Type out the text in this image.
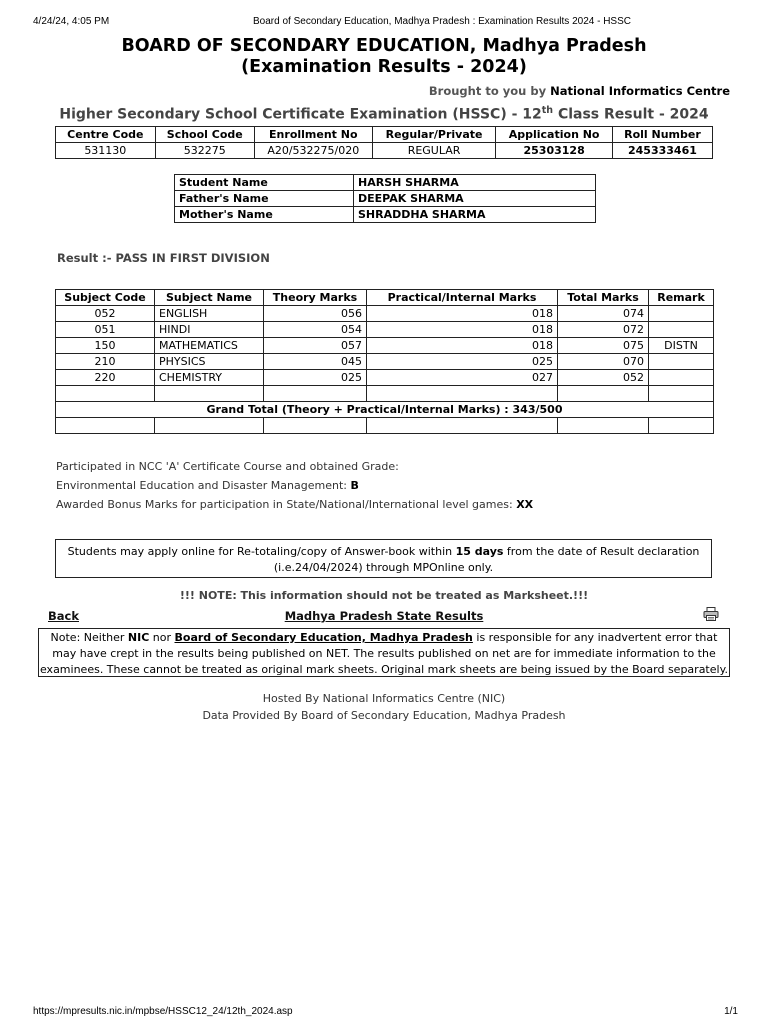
4/24/24, 4:05 PM	Board of Secondary Education, Madhya Pradesh : Examination Results 2024 - HSSC
BOARD OF SECONDARY EDUCATION, Madhya Pradesh
(Examination Results - 2024)
Brought to you by National Informatics Centre
Higher Secondary School Certificate Examination (HSSC) - 12th Class Result - 2024
Centre Code	School Code	Enrollment No	Regular/Private	Application No	Roll Number
531130	532275	A20/532275/020	REGULAR	25303128	245333461
Student Name	HARSH SHARMA
Father's Name	DEEPAK SHARMA
Mother's Name	SHRADDHA SHARMA
Result :- PASS IN FIRST DIVISION
Subject Code	Subject Name	Theory Marks	Practical/Internal Marks	Total Marks	Remark
052	ENGLISH	056	018	074	
051	HINDI	054	018	072	
150	MATHEMATICS	057	018	075	DISTN
210	PHYSICS	045	025	070	
220	CHEMISTRY	025	027	052	

Grand Total (Theory + Practical/Internal Marks) : 343/500					

Participated in NCC 'A' Certificate Course and obtained Grade:
Environmental Education and Disaster Management: B
Awarded Bonus Marks for participation in State/National/International level games: XX
Students may apply online for Re-totaling/copy of Answer-book within 15 days from the date of Result declaration
(i.e.24/04/2024) through MPOnline only.
!!! NOTE: This information should not be treated as Marksheet.!!!
Madhya Pradesh State Results
Back
Note: Neither NIC nor Board of Secondary Education, Madhya Pradesh is responsible for any inadvertent error that may have crept in the results being published on NET. The results published on net are for immediate information to the examinees. These cannot be treated as original mark sheets. Original mark sheets are being issued by the Board separately.
Hosted By National Informatics Centre (NIC)
Data Provided By Board of Secondary Education, Madhya Pradesh
https://mpresults.nic.in/mpbse/HSSC12_24/12th_2024.asp	1/1
